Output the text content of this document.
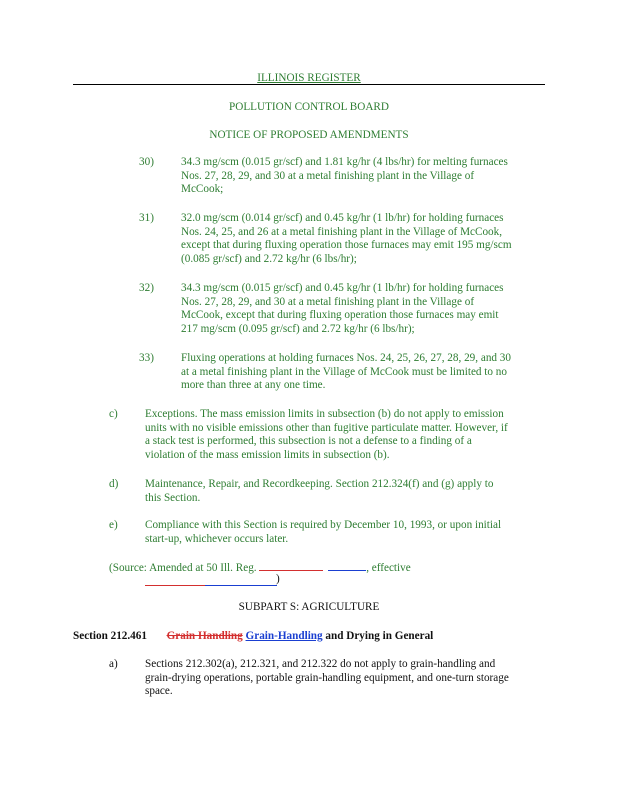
ILLINOIS REGISTER
POLLUTION CONTROL BOARD
NOTICE OF PROPOSED AMENDMENTS
30)	34.3 mg/scm (0.015 gr/scf) and 1.81 kg/hr (4 lbs/hr) for melting furnaces
Nos. 27, 28, 29, and 30 at a metal finishing plant in the Village of
McCook;
31)	32.0 mg/scm (0.014 gr/scf) and 0.45 kg/hr (1 lb/hr) for holding furnaces
Nos. 24, 25, and 26 at a metal finishing plant in the Village of McCook,
except that during fluxing operation those furnaces may emit 195 mg/scm
(0.085 gr/scf) and 2.72 kg/hr (6 lbs/hr);
32)	34.3 mg/scm (0.015 gr/scf) and 0.45 kg/hr (1 lb/hr) for holding furnaces
Nos. 27, 28, 29, and 30 at a metal finishing plant in the Village of
McCook, except that during fluxing operation those furnaces may emit
217 mg/scm (0.095 gr/scf) and 2.72 kg/hr (6 lbs/hr);
33)	Fluxing operations at holding furnaces Nos. 24, 25, 26, 27, 28, 29, and 30
at a metal finishing plant in the Village of McCook must be limited to no
more than three at any one time.
c)	Exceptions. The mass emission limits in subsection (b) do not apply to emission
units with no visible emissions other than fugitive particulate matter. However, if
a stack test is performed, this subsection is not a defense to a finding of a
violation of the mass emission limits in subsection (b).
d)	Maintenance, Repair, and Recordkeeping. Section 212.324(f) and (g) apply to
this Section.
e)	Compliance with this Section is required by December 10, 1993, or upon initial
start-up, whichever occurs later.
(Source: Amended at 50 Ill. Reg.	, effective
)
SUBPART S: AGRICULTURE
Section 212.461 Grain Handling Grain-Handling and Drying in General
a)	Sections 212.302(a), 212.321, and 212.322 do not apply to grain-handling and
grain-drying operations, portable grain-handling equipment, and one-turn storage
space.
